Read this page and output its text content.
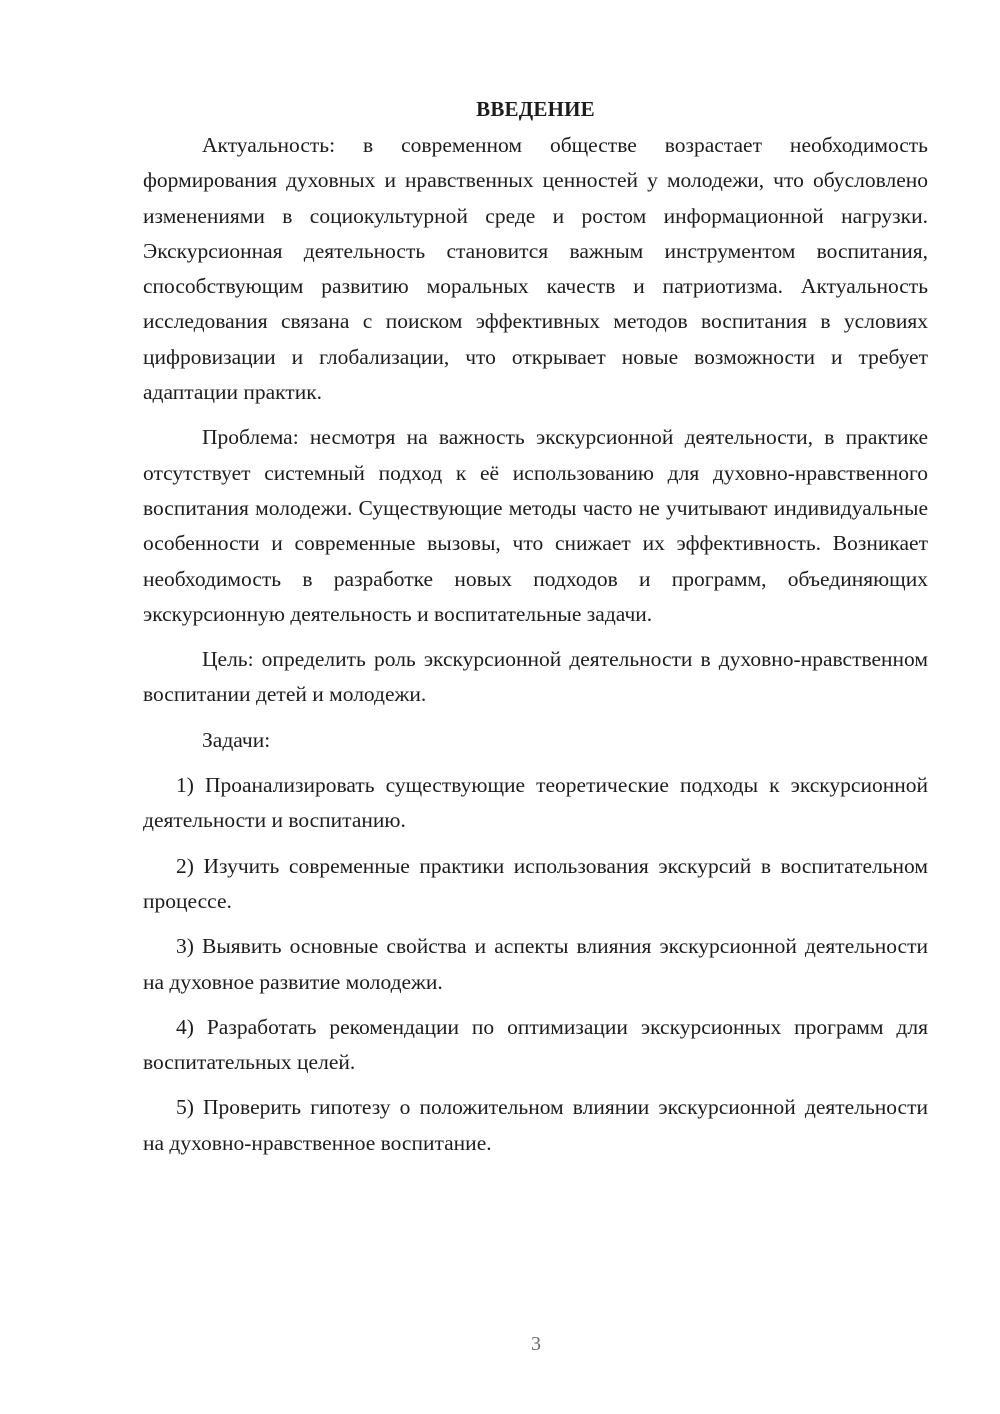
ВВЕДЕНИЕ

Актуальность: в современном обществе возрастает необходимость формирования духовных и нравственных ценностей у молодежи, что обусловлено изменениями в социокультурной среде и ростом информационной нагрузки. Экскурсионная деятельность становится важным инструментом воспитания, способствующим развитию моральных качеств и патриотизма. Актуальность исследования связана с поиском эффективных методов воспитания в условиях цифровизации и глобализации, что открывает новые возможности и требует адаптации практик.

Проблема: несмотря на важность экскурсионной деятельности, в практике отсутствует системный подход к её использованию для духовно-нравственного воспитания молодежи. Существующие методы часто не учитывают индивидуальные особенности и современные вызовы, что снижает их эффективность. Возникает необходимость в разработке новых подходов и программ, объединяющих экскурсионную деятельность и воспитательные задачи.

Цель: определить роль экскурсионной деятельности в духовно-нравственном воспитании детей и молодежи.

Задачи:

1) Проанализировать существующие теоретические подходы к экскурсионной деятельности и воспитанию.

2) Изучить современные практики использования экскурсий в воспитательном процессе.

3) Выявить основные свойства и аспекты влияния экскурсионной деятельности на духовное развитие молодежи.

4) Разработать рекомендации по оптимизации экскурсионных программ для воспитательных целей.

5) Проверить гипотезу о положительном влиянии экскурсионной деятельности на духовно-нравственное воспитание.

3
